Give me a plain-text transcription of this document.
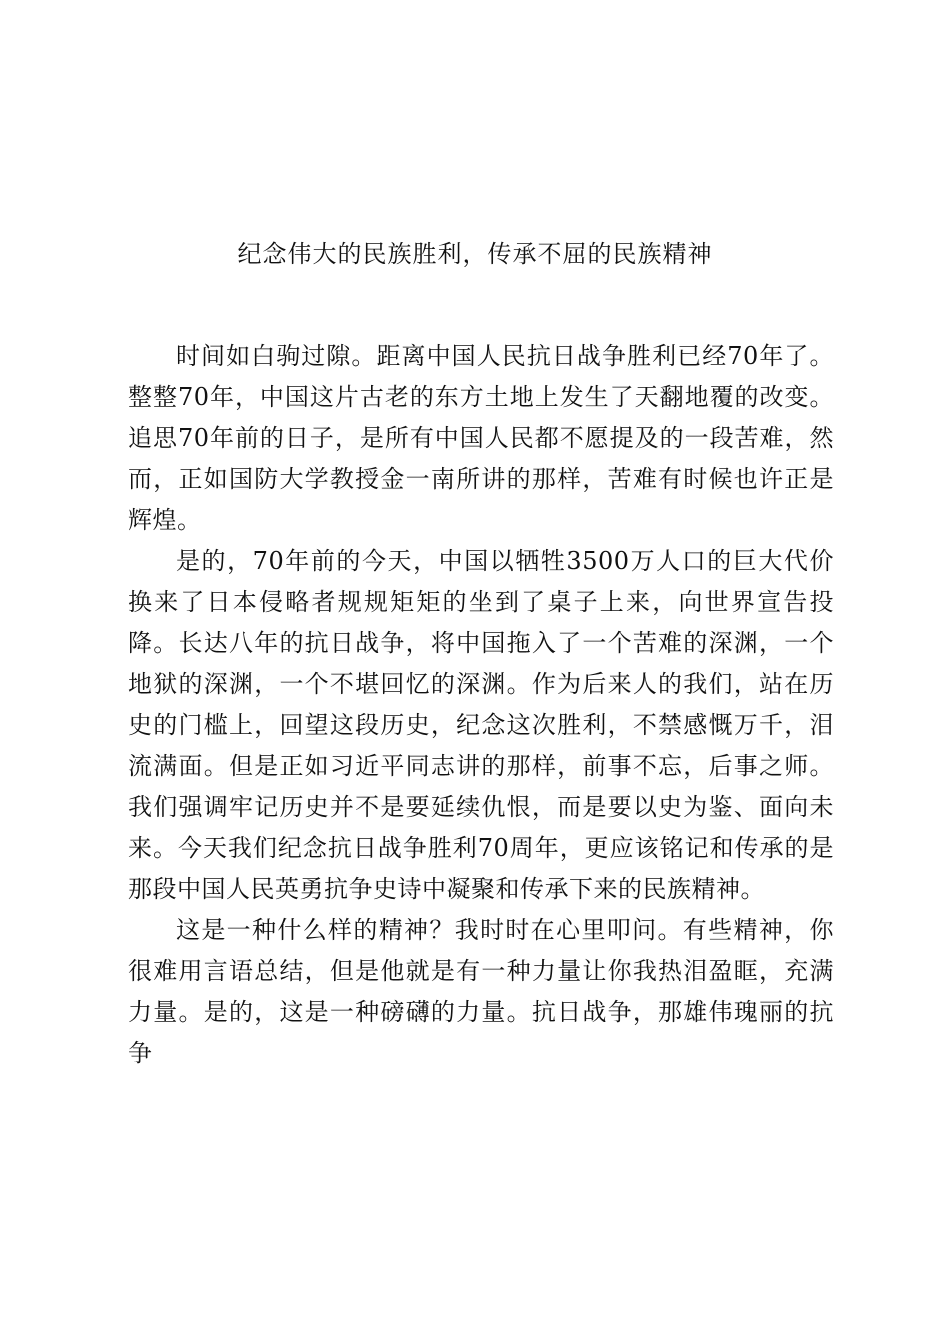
纪念伟大的民族胜利，传承不屈的民族精神

时间如白驹过隙。距离中国人民抗日战争胜利已经70年了。整整70年，中国这片古老的东方土地上发生了天翻地覆的改变。追思70年前的日子，是所有中国人民都不愿提及的一段苦难，然而，正如国防大学教授金一南所讲的那样，苦难有时候也许正是辉煌。

是的，70年前的今天，中国以牺牲3500万人口的巨大代价换来了日本侵略者规规矩矩的坐到了桌子上来，向世界宣告投降。长达八年的抗日战争，将中国拖入了一个苦难的深渊，一个地狱的深渊，一个不堪回忆的深渊。作为后来人的我们，站在历史的门槛上，回望这段历史，纪念这次胜利，不禁感慨万千，泪流满面。但是正如习近平同志讲的那样，前事不忘，后事之师。我们强调牢记历史并不是要延续仇恨，而是要以史为鉴、面向未来。今天我们纪念抗日战争胜利70周年，更应该铭记和传承的是那段中国人民英勇抗争史诗中凝聚和传承下来的民族精神。

这是一种什么样的精神？我时时在心里叩问。有些精神，你很难用言语总结，但是他就是有一种力量让你我热泪盈眶，充满力量。是的，这是一种磅礴的力量。抗日战争，那雄伟瑰丽的抗争
